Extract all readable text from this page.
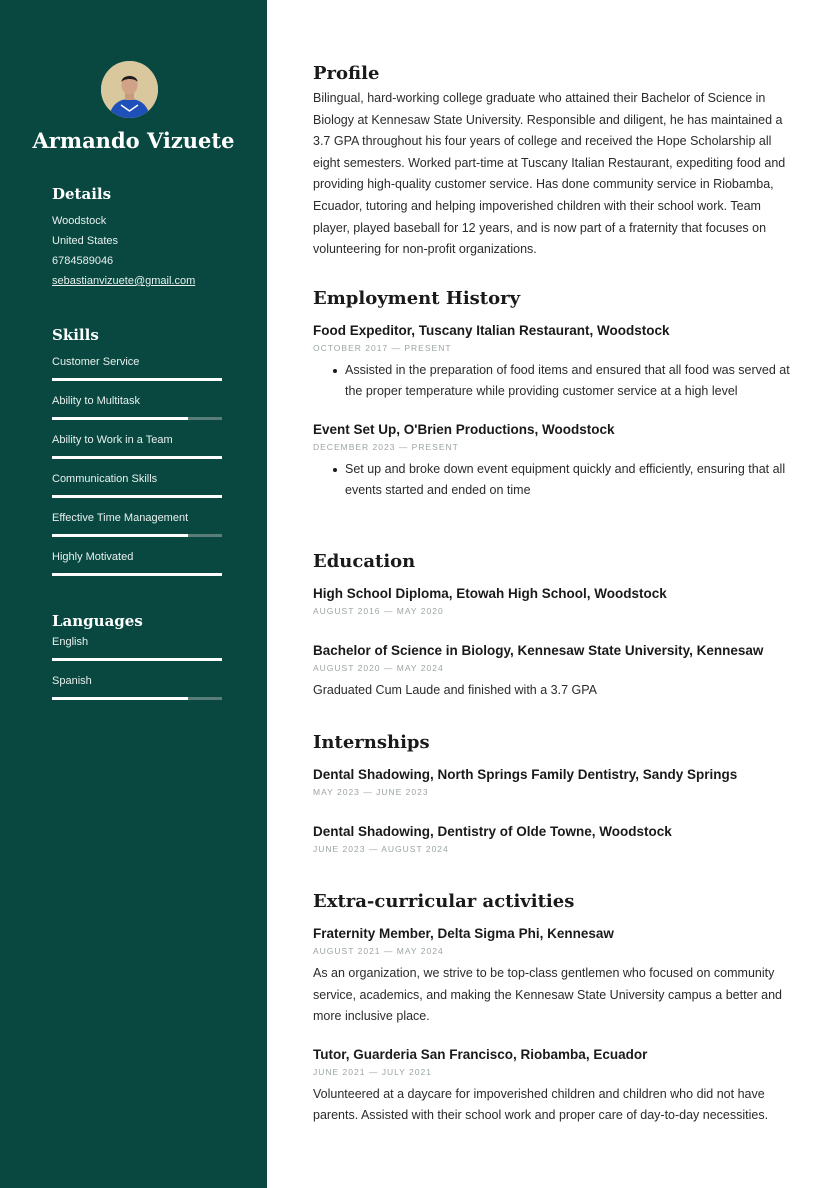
Armando Vizuete
Details
Woodstock
United States
6784589046
sebastianvizuete@gmail.com
Skills
Customer Service
Ability to Multitask
Ability to Work in a Team
Communication Skills
Effective Time Management
Highly Motivated
Languages
English
Spanish
Profile
Bilingual, hard-working college graduate who attained their Bachelor of Science in Biology at Kennesaw State University. Responsible and diligent, he has maintained a 3.7 GPA throughout his four years of college and received the Hope Scholarship all eight semesters. Worked part-time at Tuscany Italian Restaurant, expediting food and providing high-quality customer service. Has done community service in Riobamba, Ecuador, tutoring and helping impoverished children with their school work. Team player, played baseball for 12 years, and is now part of a fraternity that focuses on volunteering for non-profit organizations.
Employment History
Food Expeditor, Tuscany Italian Restaurant, Woodstock
OCTOBER 2017 — PRESENT
Assisted in the preparation of food items and ensured that all food was served at the proper temperature while providing customer service at a high level
Event Set Up, O'Brien Productions, Woodstock
DECEMBER 2023 — PRESENT
Set up and broke down event equipment quickly and efficiently, ensuring that all events started and ended on time
Education
High School Diploma, Etowah High School, Woodstock
AUGUST 2016 — MAY 2020
Bachelor of Science in Biology, Kennesaw State University, Kennesaw
AUGUST 2020 — MAY 2024
Graduated Cum Laude and finished with a 3.7 GPA
Internships
Dental Shadowing, North Springs Family Dentistry, Sandy Springs
MAY 2023 — JUNE 2023
Dental Shadowing, Dentistry of Olde Towne, Woodstock
JUNE 2023 — AUGUST 2024
Extra-curricular activities
Fraternity Member, Delta Sigma Phi, Kennesaw
AUGUST 2021 — MAY 2024
As an organization, we strive to be top-class gentlemen who focused on community service, academics, and making the Kennesaw State University campus a better and more inclusive place.
Tutor, Guarderia San Francisco, Riobamba, Ecuador
JUNE 2021 — JULY 2021
Volunteered at a daycare for impoverished children and children who did not have parents. Assisted with their school work and proper care of day-to-day necessities.
